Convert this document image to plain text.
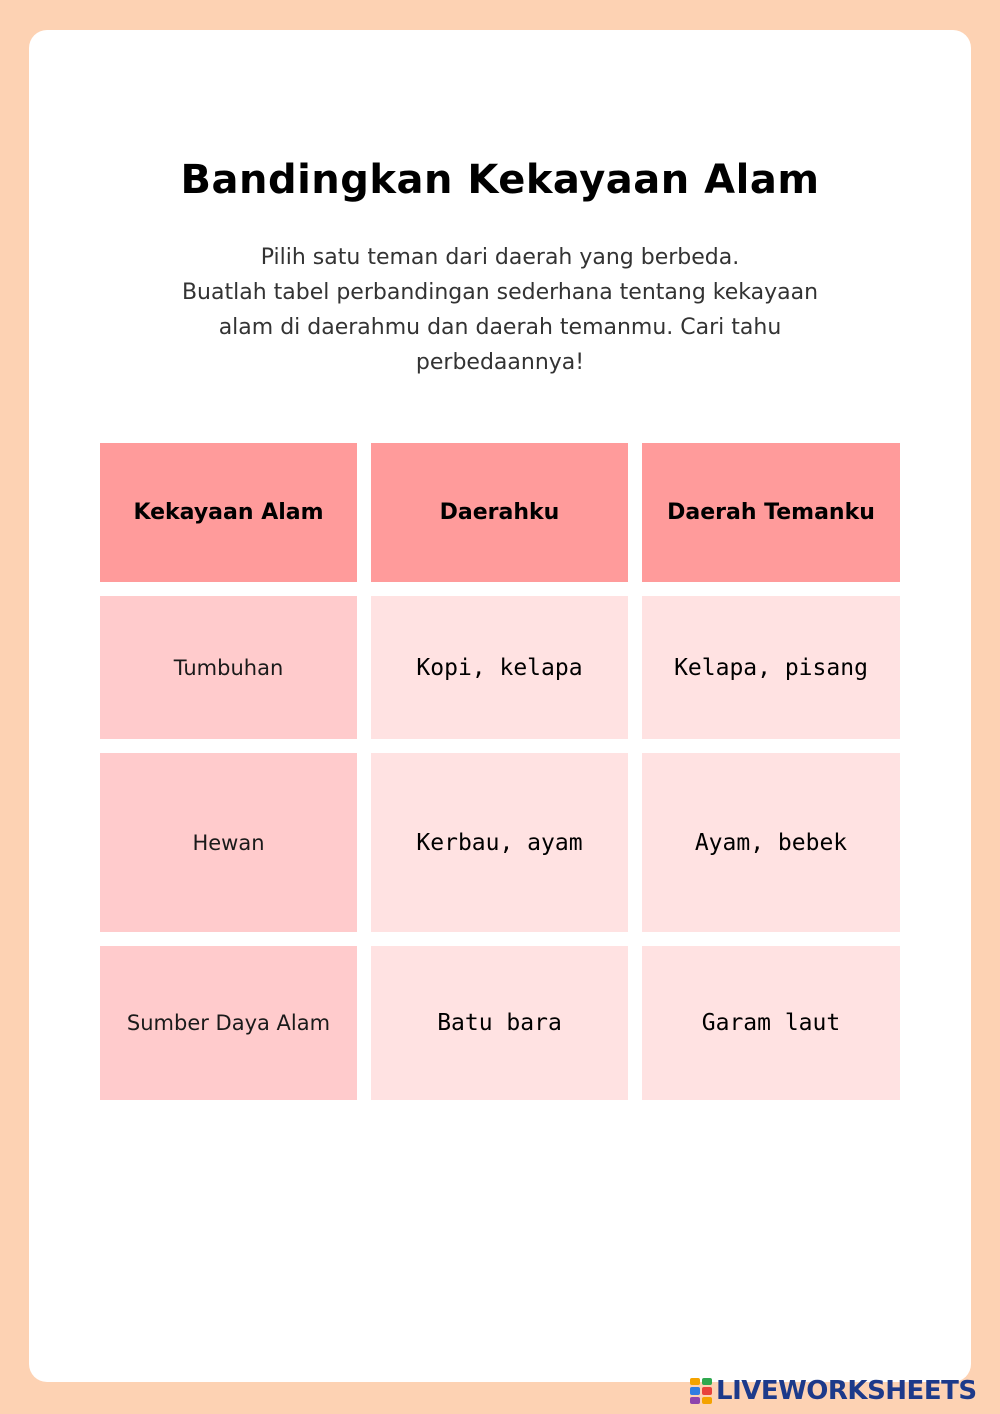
Bandingkan Kekayaan Alam
Pilih satu teman dari daerah yang berbeda.
Buatlah tabel perbandingan sederhana tentang kekayaan
alam di daerahmu dan daerah temanmu. Cari tahu
perbedaannya!
Kekayaan Alam	Daerahku	Daerah Temanku
Tumbuhan	Kopi, kelapa	Kelapa, pisang
Hewan	Kerbau, ayam	Ayam, bebek
Sumber Daya Alam	Batu bara	Garam laut
LIVEWORKSHEETS
